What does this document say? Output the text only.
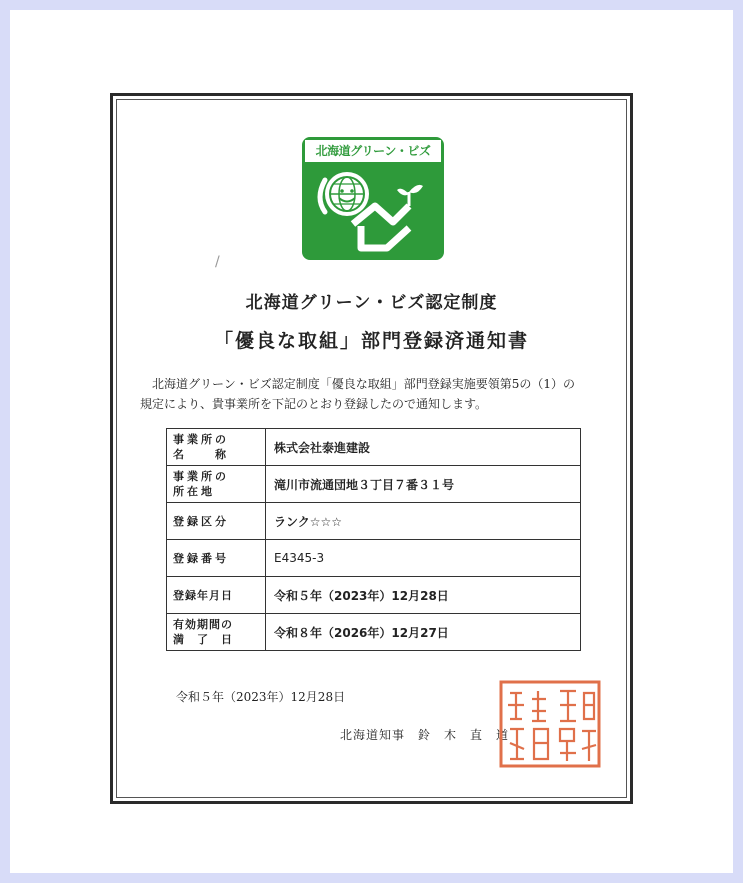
/
北海道グリーン・ビズ
北海道グリーン・ビズ認定制度
「優良な取組」部門登録済通知書
北海道グリーン・ビズ認定制度「優良な取組」部門登録実施要領第5の（1）の
規定により、貴事業所を下記のとおり登録したので通知します。
事業所の
名　　称	株式会社泰進建設

事業所の
所在地	滝川市流通団地３丁目７番３１号
登録区分	ランク☆☆☆
登録番号	E4345-3
登録年月日	令和５年（2023年）12月28日

有効期間の
満　了　日	令和８年（2026年）12月27日
令和５年（2023年）12月28日
北海道知事　鈴　木　直　道
